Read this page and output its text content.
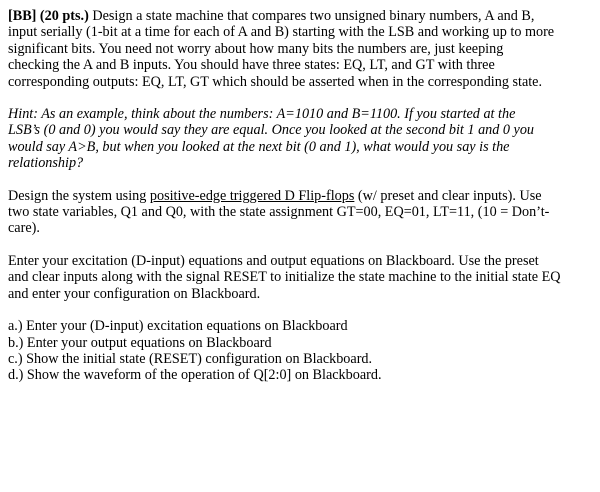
[BB] (20 pts.) Design a state machine that compares two unsigned binary numbers, A and B,

input serially (1-bit at a time for each of A and B) starting with the LSB and working up to more

significant bits. You need not worry about how many bits the numbers are, just keeping

checking the A and B inputs. You should have three states: EQ, LT, and GT with three

corresponding outputs: EQ, LT, GT which should be asserted when in the corresponding state.

Hint: As an example, think about the numbers: A=1010 and B=1100. If you started at the

LSB’s (0 and 0) you would say they are equal. Once you looked at the second bit 1 and 0 you

would say A>B, but when you looked at the next bit (0 and 1), what would you say is the

relationship?

Design the system using positive-edge triggered D Flip-flops (w/ preset and clear inputs). Use

two state variables, Q1 and Q0, with the state assignment GT=00, EQ=01, LT=11, (10 = Don’t-

care).

Enter your excitation (D-input) equations and output equations on Blackboard. Use the preset

and clear inputs along with the signal RESET to initialize the state machine to the initial state EQ

and enter your configuration on Blackboard.

a.) Enter your (D-input) excitation equations on Blackboard

b.) Enter your output equations on Blackboard

c.) Show the initial state (RESET) configuration on Blackboard.

d.) Show the waveform of the operation of Q[2:0] on Blackboard.
